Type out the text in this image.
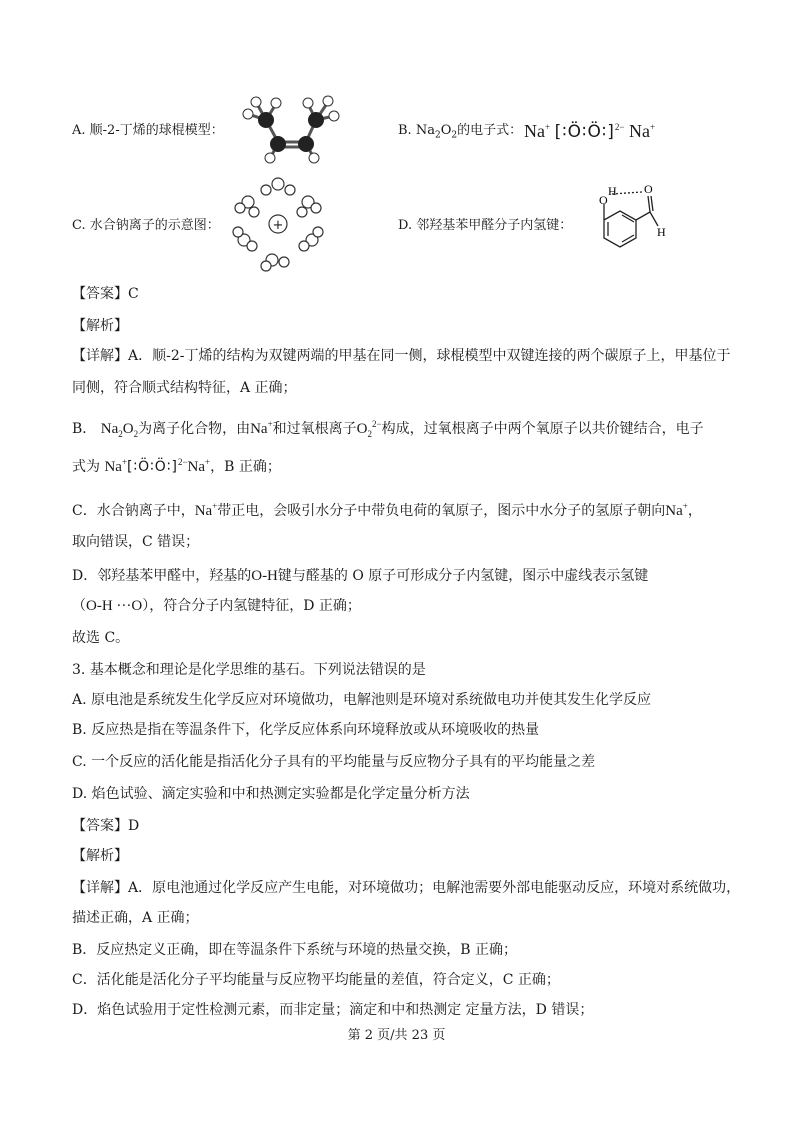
A. 顺-2-丁烯的球棍模型：	B. $Na_2O_2$的电子式： Na+ [∶Ö∶Ö∶]$^{2-}$ Na+
C. 水合钠离子的示意图：	+	D. 邻羟基苯甲醛分子内氢键：
O
H O
H
【答案】C
【解析】
【详解】A．顺-2-丁烯的结构为双键两端的甲基在同一侧，球棍模型中双键连接的两个碳原子上，甲基位于
同侧，符合顺式结构特征，A 正确；
B． $Na_2O_2$为离子化合物，由Na+和过氧根离子$O_2^{2-}$构成，过氧根离子中两个氧原子以共价键结合，电子
式为 Na+[∶Ö∶Ö∶]$^{2-}$Na+，B 正确；
C．水合钠离子中，Na+带正电，会吸引水分子中带负电荷的氧原子，图示中水分子的氢原子朝向Na+，
取向错误，C 错误；
D．邻羟基苯甲醛中，羟基的O-H键与醛基的 O 原子可形成分子内氢键，图示中虚线表示氢键
（O-H ···O），符合分子内氢键特征，D 正确；
故选 C。
3. 基本概念和理论是化学思维的基石。下列说法错误的是
A. 原电池是系统发生化学反应对环境做功，电解池则是环境对系统做电功并使其发生化学反应
B. 反应热是指在等温条件下，化学反应体系向环境释放或从环境吸收的热量
C. 一个反应的活化能是指活化分子具有的平均能量与反应物分子具有的平均能量之差
D. 焰色试验、滴定实验和中和热测定实验都是化学定量分析方法
【答案】D
【解析】
【详解】A．原电池通过化学反应产生电能，对环境做功；电解池需要外部电能驱动反应，环境对系统做功，
描述正确，A 正确；
B．反应热定义正确，即在等温条件下系统与环境的热量交换，B 正确；
C．活化能是活化分子平均能量与反应物平均能量的差值，符合定义，C 正确；
D．焰色试验用于定性检测元素，而非定量；滴定和中和热测定 定量方法，D 错误；
第 2 页/共 23 页
